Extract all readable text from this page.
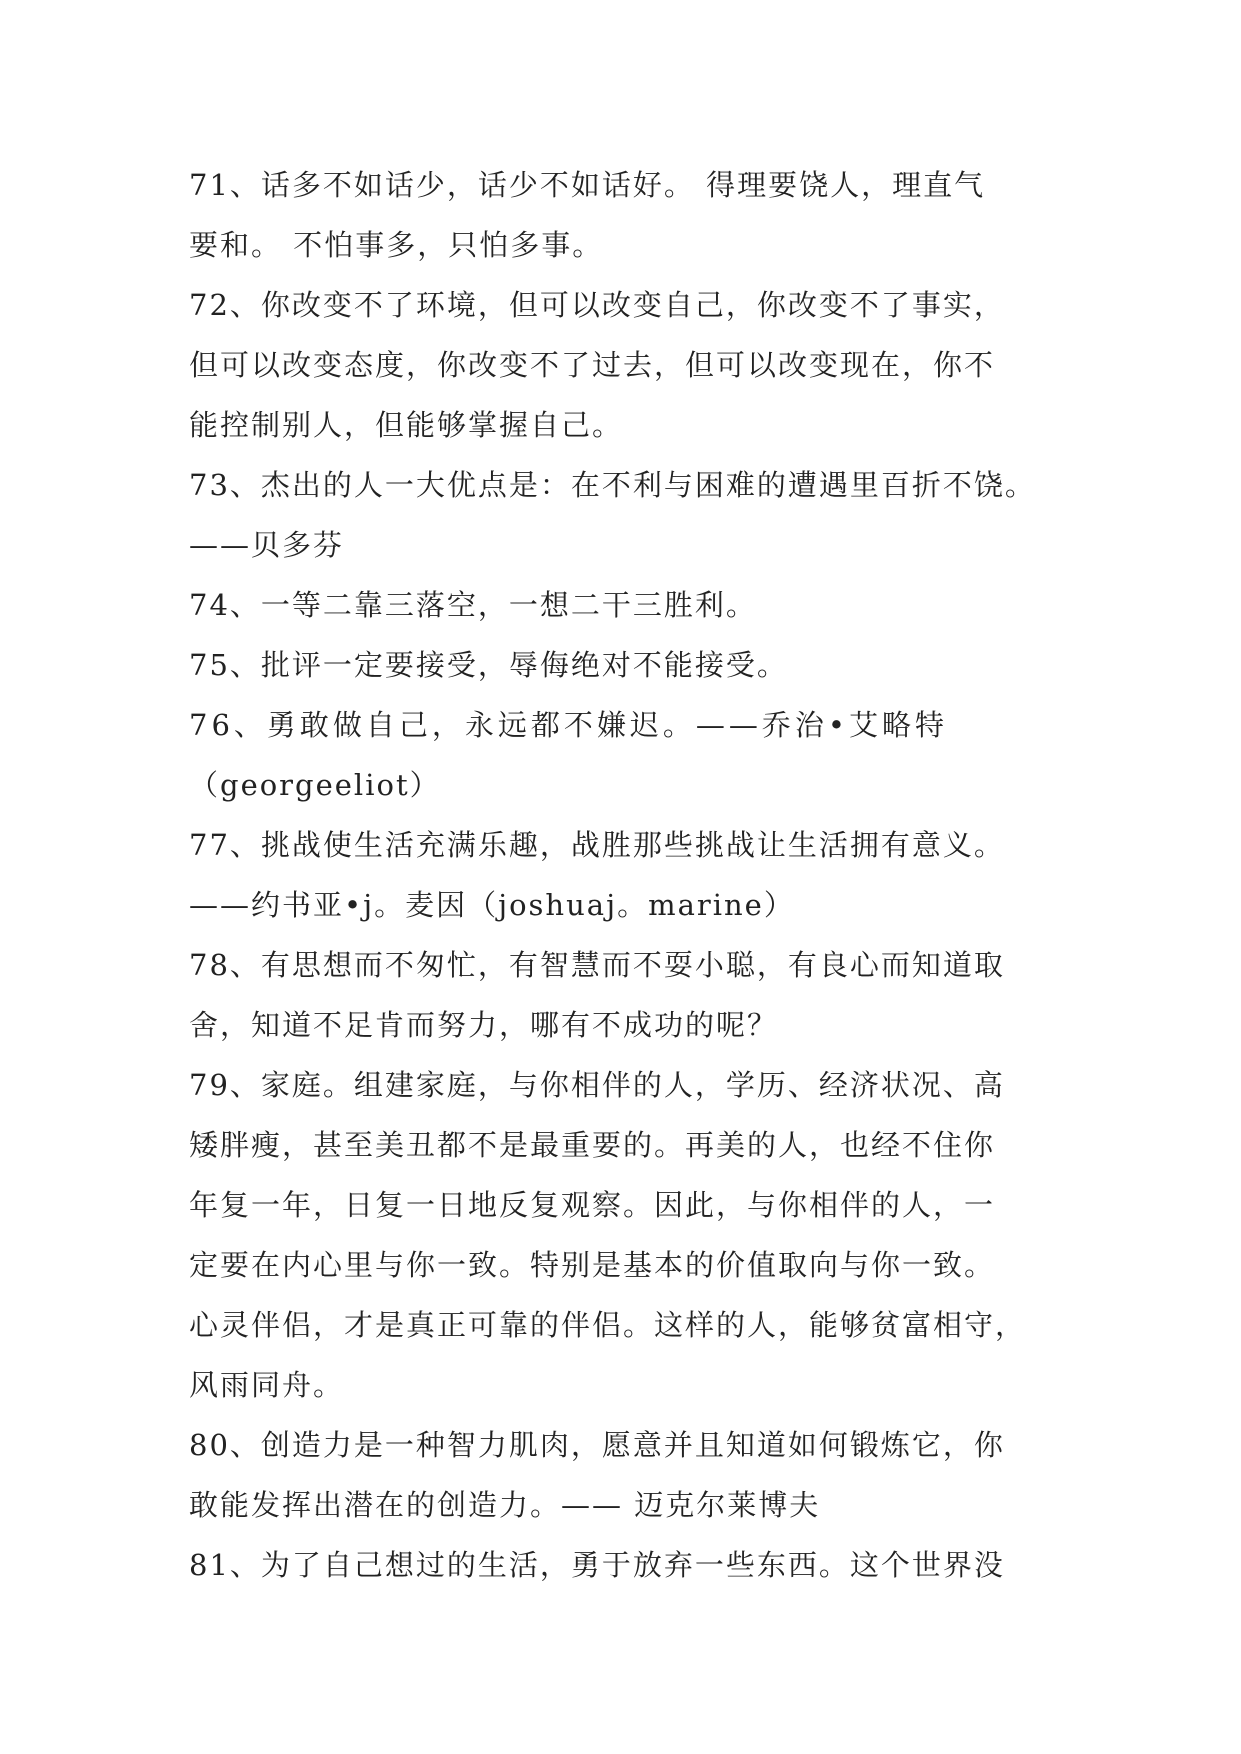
71、话多不如话少，话少不如话好。 得理要饶人，理直气
要和。 不怕事多，只怕多事。
72、你改变不了环境，但可以改变自己，你改变不了事实，
但可以改变态度，你改变不了过去，但可以改变现在，你不
能控制别人，但能够掌握自己。
73、杰出的人一大优点是：在不利与困难的遭遇里百折不饶。
——贝多芬
74、一等二靠三落空，一想二干三胜利。
75、批评一定要接受，辱侮绝对不能接受。
76、勇敢做自己，永远都不嫌迟。——乔治•艾略特
（georgeeliot）
77、挑战使生活充满乐趣，战胜那些挑战让生活拥有意义。
——约书亚•j。麦因（joshuaj。marine）
78、有思想而不匆忙，有智慧而不耍小聪，有良心而知道取
舍，知道不足肯而努力，哪有不成功的呢？
79、家庭。组建家庭，与你相伴的人，学历、经济状况、高
矮胖瘦，甚至美丑都不是最重要的。再美的人，也经不住你
年复一年，日复一日地反复观察。因此，与你相伴的人，一
定要在内心里与你一致。特别是基本的价值取向与你一致。
心灵伴侣，才是真正可靠的伴侣。这样的人，能够贫富相守，
风雨同舟。
80、创造力是一种智力肌肉，愿意并且知道如何锻炼它，你
敢能发挥出潜在的创造力。—— 迈克尔莱博夫
81、为了自己想过的生活，勇于放弃一些东西。这个世界没
